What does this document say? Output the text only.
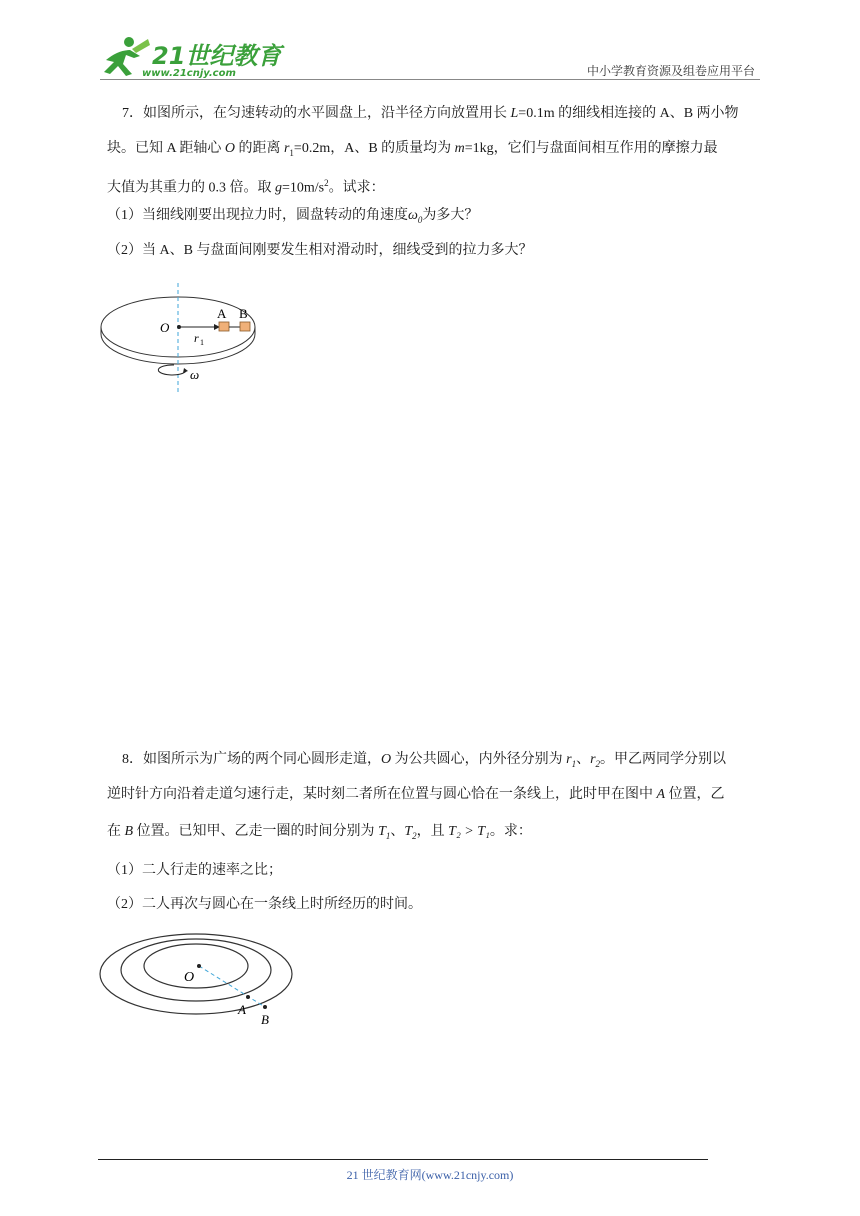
21世纪教育
www.21cnjy.com	中小学教育资源及组卷应用平台
7．如图所示，在匀速转动的水平圆盘上，沿半径方向放置用长 L=0.1m 的细线相连接的 A、B 两小物
块。已知 A 距轴心 O 的距离 $r_1=0.2m$，A、B 的质量均为 m=1kg，它们与盘面间相互作用的摩擦力最
大值为其重力的 0.3 倍。取 $g=10m/s^2$。试求：
（1）当细线刚要出现拉力时，圆盘转动的角速度$\omega_0$为多大？
（2）当 A、B 与盘面间刚要发生相对滑动时，细线受到的拉力多大？
O
A B
r 1
ω
8．如图所示为广场的两个同心圆形走道，O 为公共圆心，内外径分别为 $r_1$、$r_2$。甲乙两同学分别以
逆时针方向沿着走道匀速行走，某时刻二者所在位置与圆心恰在一条线上，此时甲在图中 A 位置，乙
在 B 位置。已知甲、乙走一圈的时间分别为 $T_1$、$T_2$，且 T₂ > T₁。求：
（1）二人行走的速率之比；
（2）二人再次与圆心在一条线上时所经历的时间。
O
A
B
21 世纪教育网(www.21cnjy.com)
